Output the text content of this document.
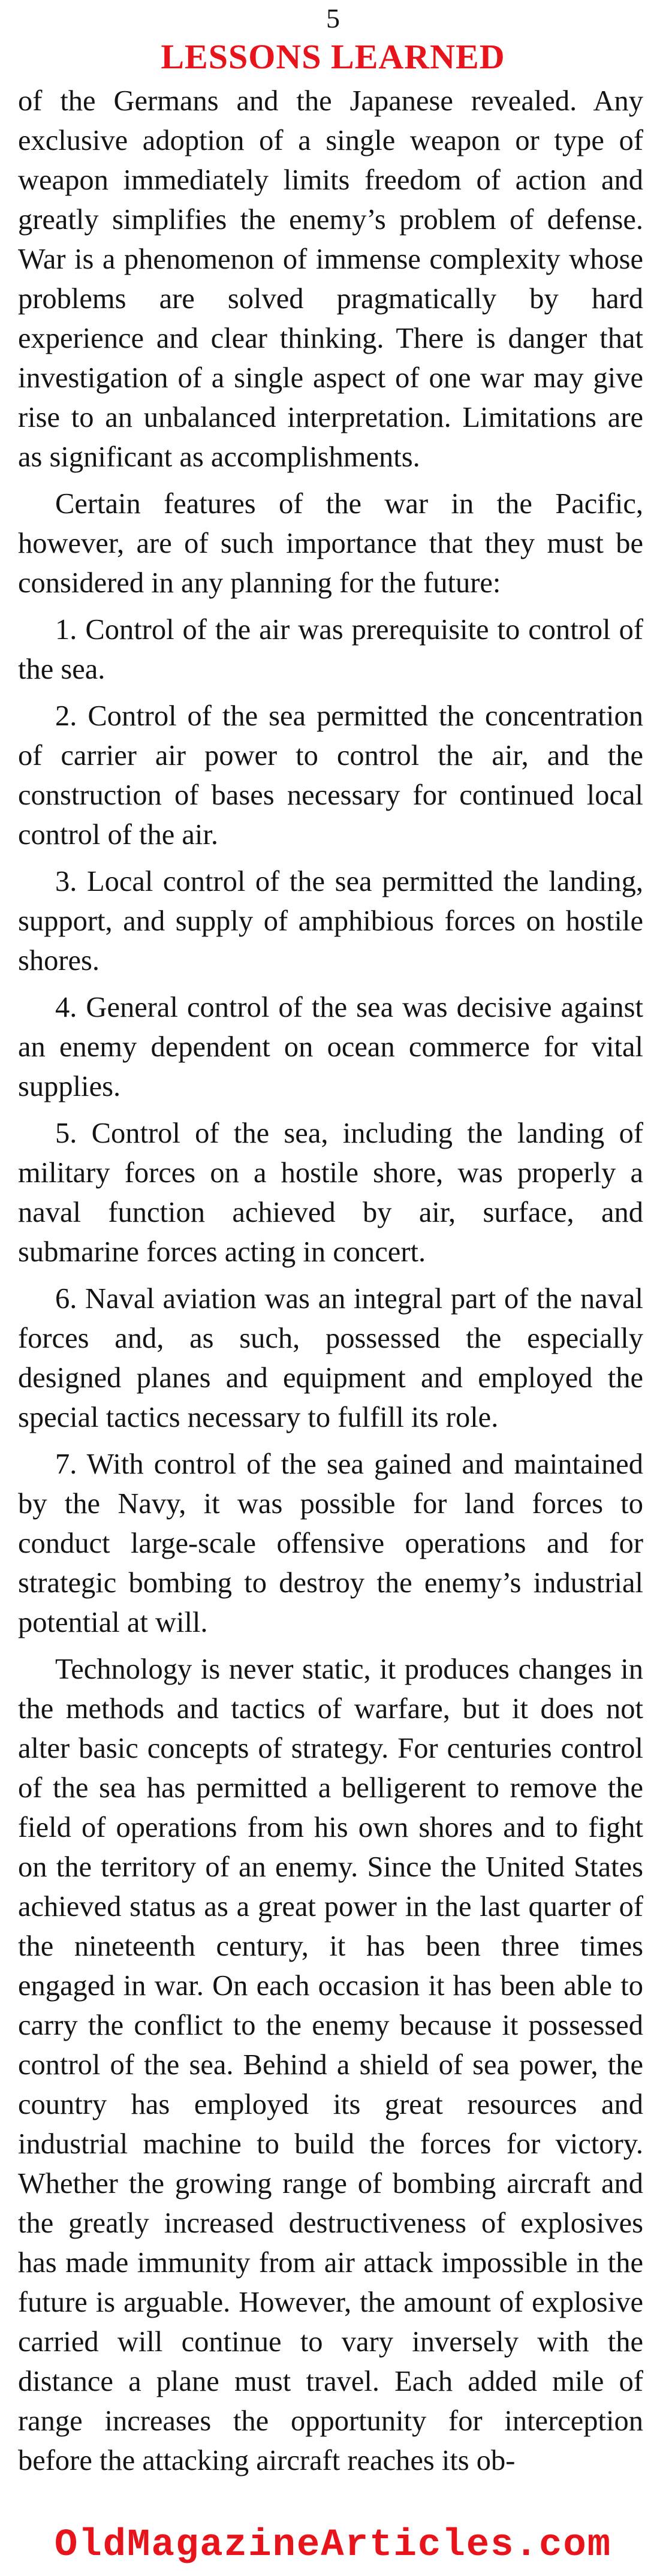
5
LESSONS LEARNED

of the Germans and the Japanese revealed. Any exclusive adoption of a single weapon or type of weapon immediately limits freedom of action and greatly simplifies the enemy’s problem of defense. War is a phenomenon of immense complexity whose problems are solved pragmatically by hard experience and clear thinking. There is danger that investigation of a single aspect of one war may give rise to an unbalanced interpretation. Limitations are as significant as accomplishments.

Certain features of the war in the Pacific, however, are of such importance that they must be considered in any planning for the future:

1. Control of the air was prerequisite to control of the sea.

2. Control of the sea permitted the concentration of carrier air power to control the air, and the construction of bases necessary for continued local control of the air.

3. Local control of the sea permitted the landing, support, and supply of amphibious forces on hostile shores.

4. General control of the sea was decisive against an enemy dependent on ocean commerce for vital supplies.

5. Control of the sea, including the landing of military forces on a hostile shore, was properly a naval function achieved by air, surface, and submarine forces acting in concert.

6. Naval aviation was an integral part of the naval forces and, as such, possessed the especially designed planes and equipment and employed the special tactics necessary to fulfill its role.

7. With control of the sea gained and maintained by the Navy, it was possible for land forces to conduct large-scale offensive operations and for strategic bombing to destroy the enemy’s industrial potential at will.

Technology is never static, it produces changes in the methods and tactics of warfare, but it does not alter basic concepts of strategy. For centuries control of the sea has permitted a belligerent to remove the field of operations from his own shores and to fight on the territory of an enemy. Since the United States achieved status as a great power in the last quarter of the nineteenth century, it has been three times engaged in war. On each occasion it has been able to carry the conflict to the enemy because it possessed control of the sea. Behind a shield of sea power, the country has employed its great resources and industrial machine to build the forces for victory. Whether the growing range of bombing aircraft and the greatly increased destructiveness of explosives has made immunity from air attack impossible in the future is arguable. However, the amount of explosive carried will continue to vary inversely with the distance a plane must travel. Each added mile of range increases the opportunity for interception before the attacking aircraft reaches its ob-

OldMagazineArticles.com
